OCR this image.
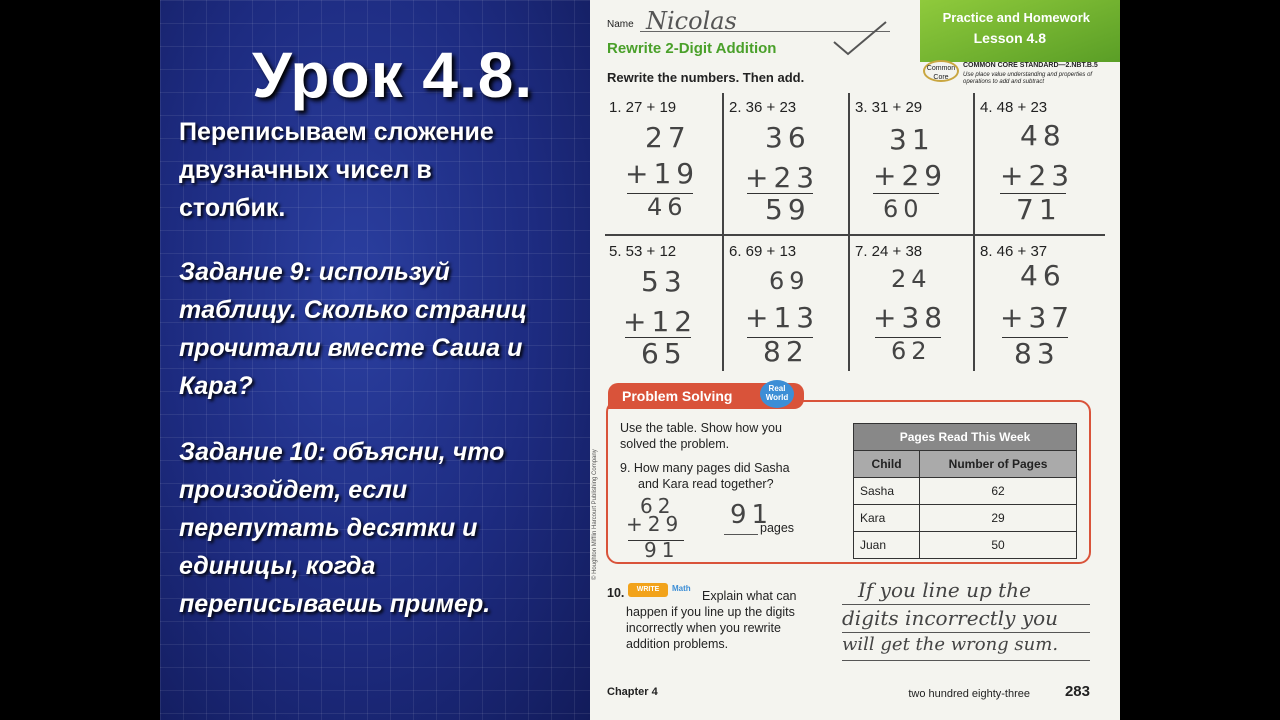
Урок 4.8.
Переписываем сложение
двузначных чисел в
столбик.
Задание 9: используй
таблицу. Сколько страниц
прочитали вместе Саша и
Кара?
Задание 10: объясни, что
произойдет, если
перепутать десятки и
единицы, когда
переписываешь пример.
Practice and Homework
Lesson 4.8
Name Nicolas
Rewrite 2-Digit Addition
Common Core
COMMON CORE STANDARD—2.NBT.B.5
Use place value understanding and properties of operations to add and subtract
Rewrite the numbers. Then add.
1. 27 + 19
27
+19
46
2. 36 + 23
36
+23
59
3. 31 + 29
31
+29
60
4. 48 + 23
48
+23
71
5. 53 + 12
53
+12
65
6. 69 + 13
69
+13
82
7. 24 + 38
24
+38
62
8. 46 + 37
46
+37
83
Problem Solving	Real World
Use the table. Show how you
solved the problem.
9. How many pages did Sasha
and Kara read together?
62
+29
91
91
pages
Pages Read This Week	
Child	Number of Pages
Sasha	62
Kara	29
Juan	50
10.	WRITE	Math
Explain what can
happen if you line up the digits
incorrectly when you rewrite
addition problems.
If you line up the
digits incorrectly you
will get the wrong sum.
© Houghton Mifflin Harcourt Publishing Company
Chapter 4	two hundred eighty-three 283
